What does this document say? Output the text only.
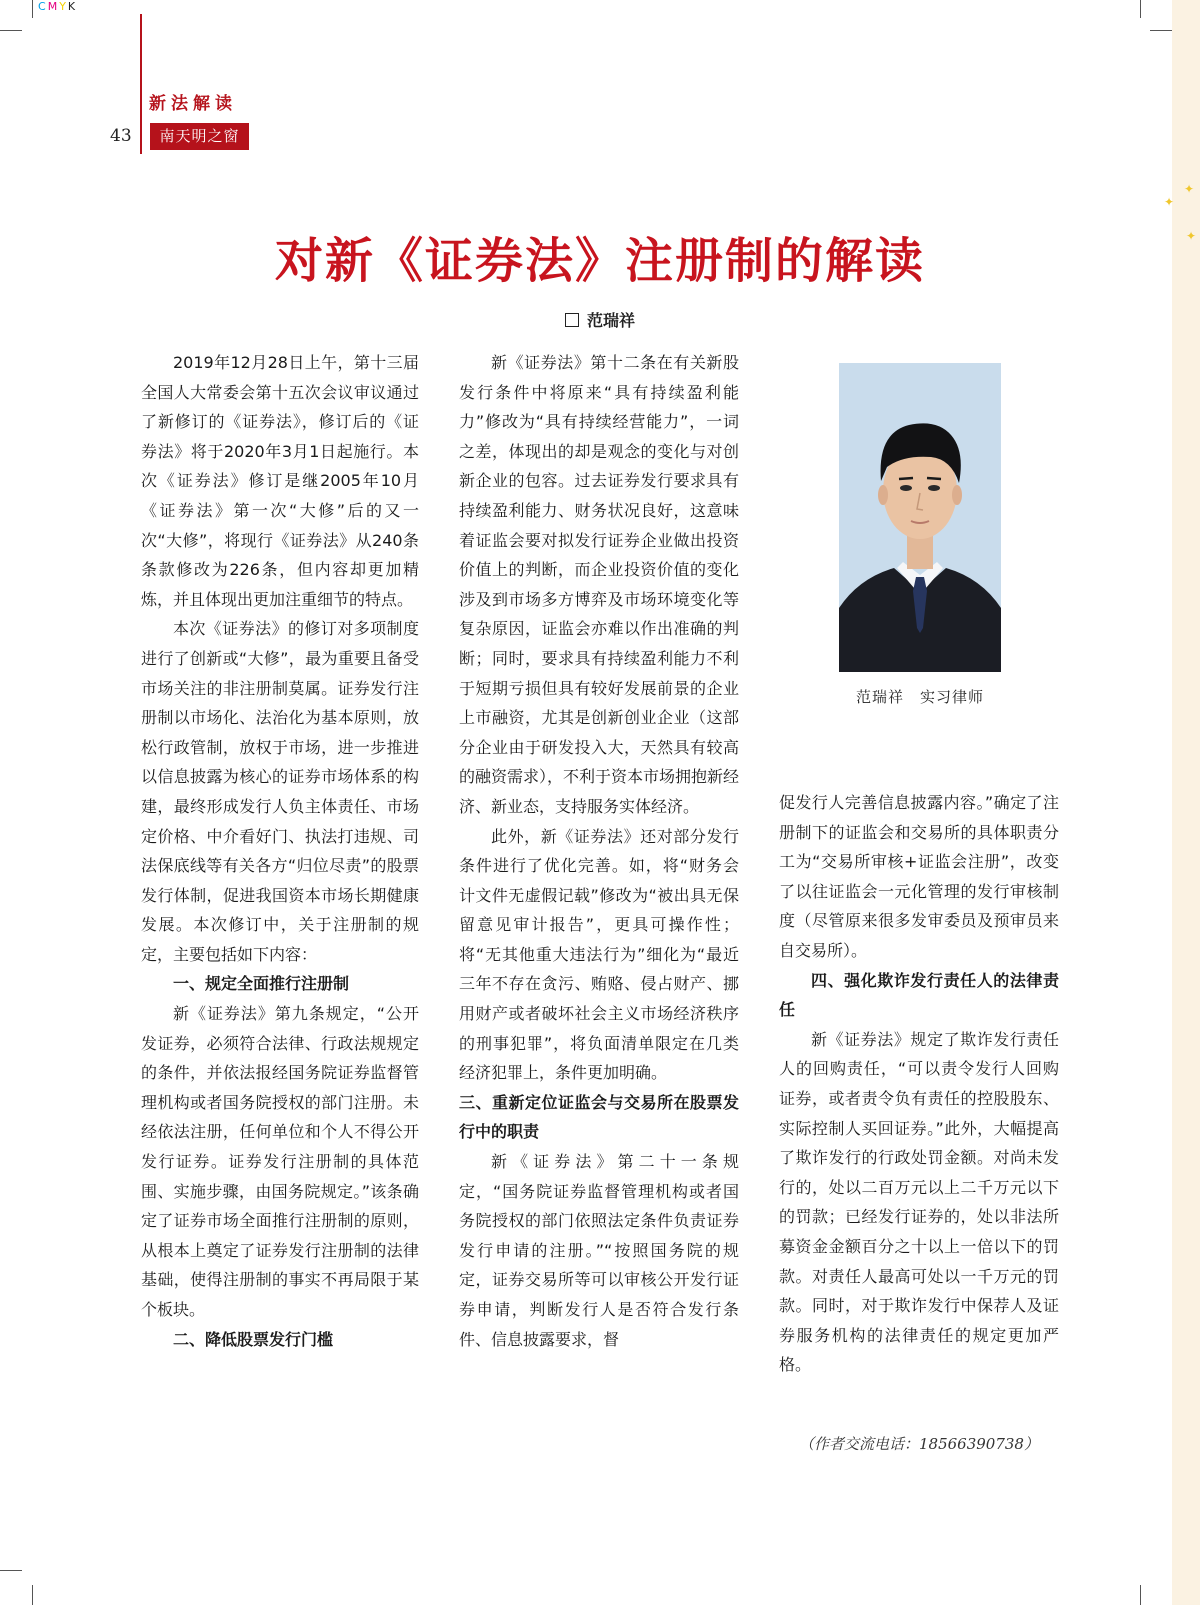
CMYK
✦
✦
✦
新法解读
43	南天明之窗
对新《证券法》注册制的解读
范瑞祥

2019年12月28日上午，第十三届全国人大常委会第十五次会议审议通过了新修订的《证券法》，修订后的《证券法》将于2020年3月1日起施行。本次《证券法》修订是继2005年10月《证券法》第一次“大修”后的又一次“大修”，将现行《证券法》从240条条款修改为226条，但内容却更加精炼，并且体现出更加注重细节的特点。

本次《证券法》的修订对多项制度进行了创新或“大修”，最为重要且备受市场关注的非注册制莫属。证券发行注册制以市场化、法治化为基本原则，放松行政管制，放权于市场，进一步推进以信息披露为核心的证券市场体系的构建，最终形成发行人负主体责任、市场定价格、中介看好门、执法打违规、司法保底线等有关各方“归位尽责”的股票发行体制，促进我国资本市场长期健康发展。本次修订中，关于注册制的规定，主要包括如下内容：

一、规定全面推行注册制

新《证券法》第九条规定，“公开发证券，必须符合法律、行政法规规定的条件，并依法报经国务院证券监督管理机构或者国务院授权的部门注册。未经依法注册，任何单位和个人不得公开发行证券。证券发行注册制的具体范围、实施步骤，由国务院规定。”该条确定了证券市场全面推行注册制的原则，从根本上奠定了证券发行注册制的法律基础，使得注册制的事实不再局限于某个板块。

二、降低股票发行门槛

新《证券法》第十二条在有关新股发行条件中将原来“具有持续盈利能力”修改为“具有持续经营能力”，一词之差，体现出的却是观念的变化与对创新企业的包容。过去证券发行要求具有持续盈利能力、财务状况良好，这意味着证监会要对拟发行证券企业做出投资价值上的判断，而企业投资价值的变化涉及到市场多方博弈及市场环境变化等复杂原因，证监会亦难以作出准确的判断；同时，要求具有持续盈利能力不利于短期亏损但具有较好发展前景的企业上市融资，尤其是创新创业企业（这部分企业由于研发投入大，天然具有较高的融资需求），不利于资本市场拥抱新经济、新业态，支持服务实体经济。

此外，新《证券法》还对部分发行条件进行了优化完善。如，将“财务会计文件无虚假记载”修改为“被出具无保留意见审计报告”，更具可操作性；将“无其他重大违法行为”细化为“最近三年不存在贪污、贿赂、侵占财产、挪用财产或者破坏社会主义市场经济秩序的刑事犯罪”，将负面清单限定在几类经济犯罪上，条件更加明确。

三、重新定位证监会与交易所在股票发行中的职责

新《证券法》第二十一条规定，“国务院证券监督管理机构或者国务院授权的部门依照法定条件负责证券发行申请的注册。”“按照国务院的规定，证券交易所等可以审核公开发行证券申请，判断发行人是否符合发行条件、信息披露要求，督

范瑞祥　实习律师

促发行人完善信息披露内容。”确定了注册制下的证监会和交易所的具体职责分工为“交易所审核+证监会注册”，改变了以往证监会一元化管理的发行审核制度（尽管原来很多发审委员及预审员来自交易所）。

四、强化欺诈发行责任人的法律责任

新《证券法》规定了欺诈发行责任人的回购责任，“可以责令发行人回购证券，或者责令负有责任的控股股东、实际控制人买回证券。”此外，大幅提高了欺诈发行的行政处罚金额。对尚未发行的，处以二百万元以上二千万元以下的罚款；已经发行证券的，处以非法所募资金金额百分之十以上一倍以下的罚款。对责任人最高可处以一千万元的罚款。同时，对于欺诈发行中保荐人及证券服务机构的法律责任的规定更加严格。

（作者交流电话：18566390738）
